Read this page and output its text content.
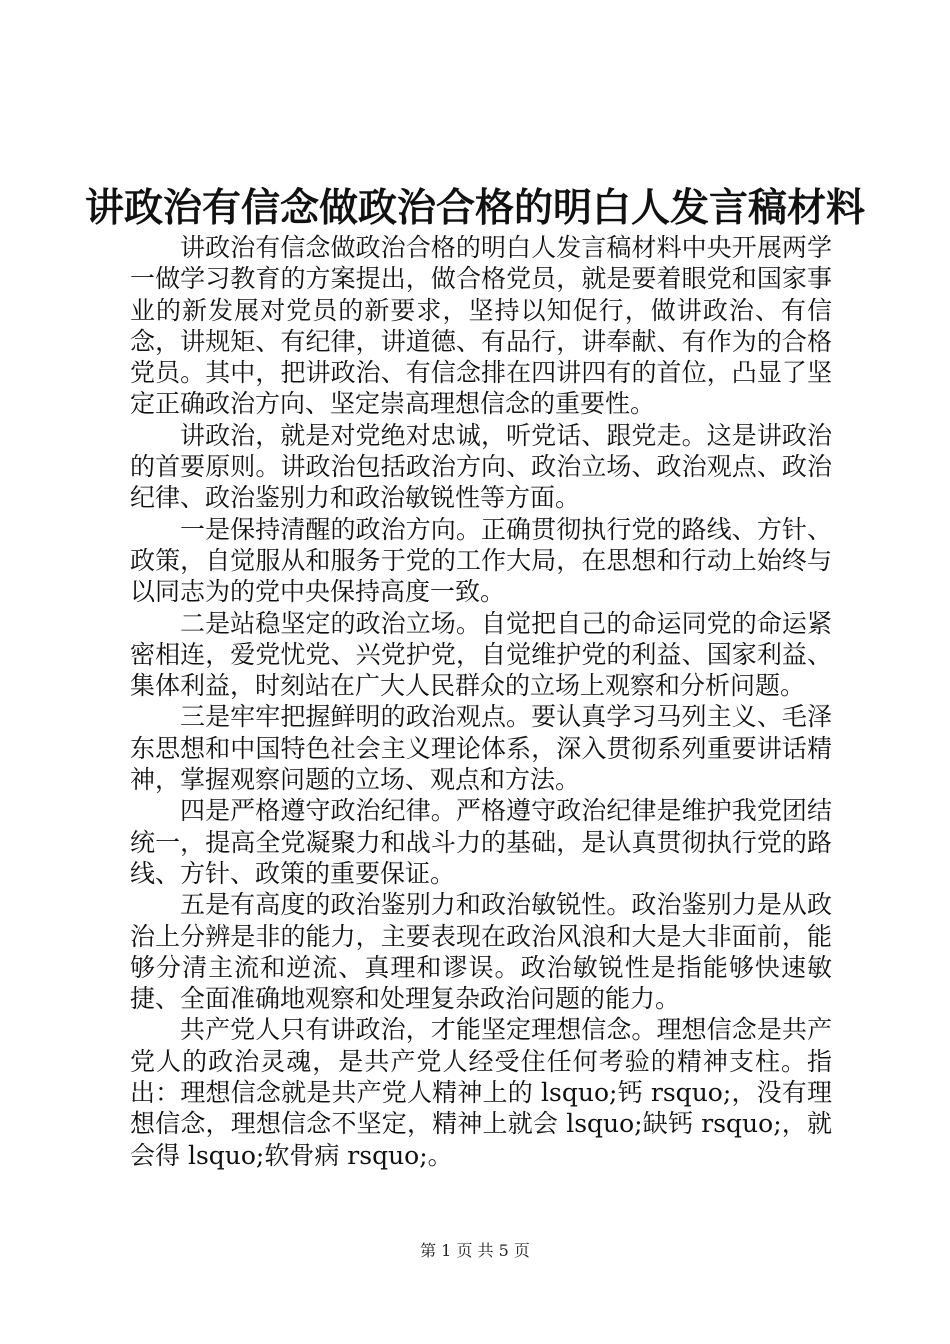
讲政治有信念做政治合格的明白人发言稿材料

讲政治有信念做政治合格的明白人发言稿材料中央开展两学一做学习教育的方案提出，做合格党员，就是要着眼党和国家事业的新发展对党员的新要求，坚持以知促行，做讲政治、有信念，讲规矩、有纪律，讲道德、有品行，讲奉献、有作为的合格党员。其中，把讲政治、有信念排在四讲四有的首位，凸显了坚定正确政治方向、坚定崇高理想信念的重要性。

讲政治，就是对党绝对忠诚，听党话、跟党走。这是讲政治的首要原则。讲政治包括政治方向、政治立场、政治观点、政治纪律、政治鉴别力和政治敏锐性等方面。

一是保持清醒的政治方向。正确贯彻执行党的路线、方针、政策，自觉服从和服务于党的工作大局，在思想和行动上始终与以同志为的党中央保持高度一致。

二是站稳坚定的政治立场。自觉把自己的命运同党的命运紧密相连，爱党忧党、兴党护党，自觉维护党的利益、国家利益、集体利益，时刻站在广大人民群众的立场上观察和分析问题。

三是牢牢把握鲜明的政治观点。要认真学习马列主义、毛泽东思想和中国特色社会主义理论体系，深入贯彻系列重要讲话精神，掌握观察问题的立场、观点和方法。

四是严格遵守政治纪律。严格遵守政治纪律是维护我党团结统一，提高全党凝聚力和战斗力的基础，是认真贯彻执行党的路线、方针、政策的重要保证。

五是有高度的政治鉴别力和政治敏锐性。政治鉴别力是从政治上分辨是非的能力，主要表现在政治风浪和大是大非面前，能够分清主流和逆流、真理和谬误。政治敏锐性是指能够快速敏捷、全面准确地观察和处理复杂政治问题的能力。

共产党人只有讲政治，才能坚定理想信念。理想信念是共产党人的政治灵魂，是共产党人经受住任何考验的精神支柱。指出：理想信念就是共产党人精神上的 lsquo;钙 rsquo;，没有理想信念，理想信念不坚定，精神上就会 lsquo;缺钙 rsquo;，就会得 lsquo;软骨病 rsquo;。

第 1 页 共 5 页
